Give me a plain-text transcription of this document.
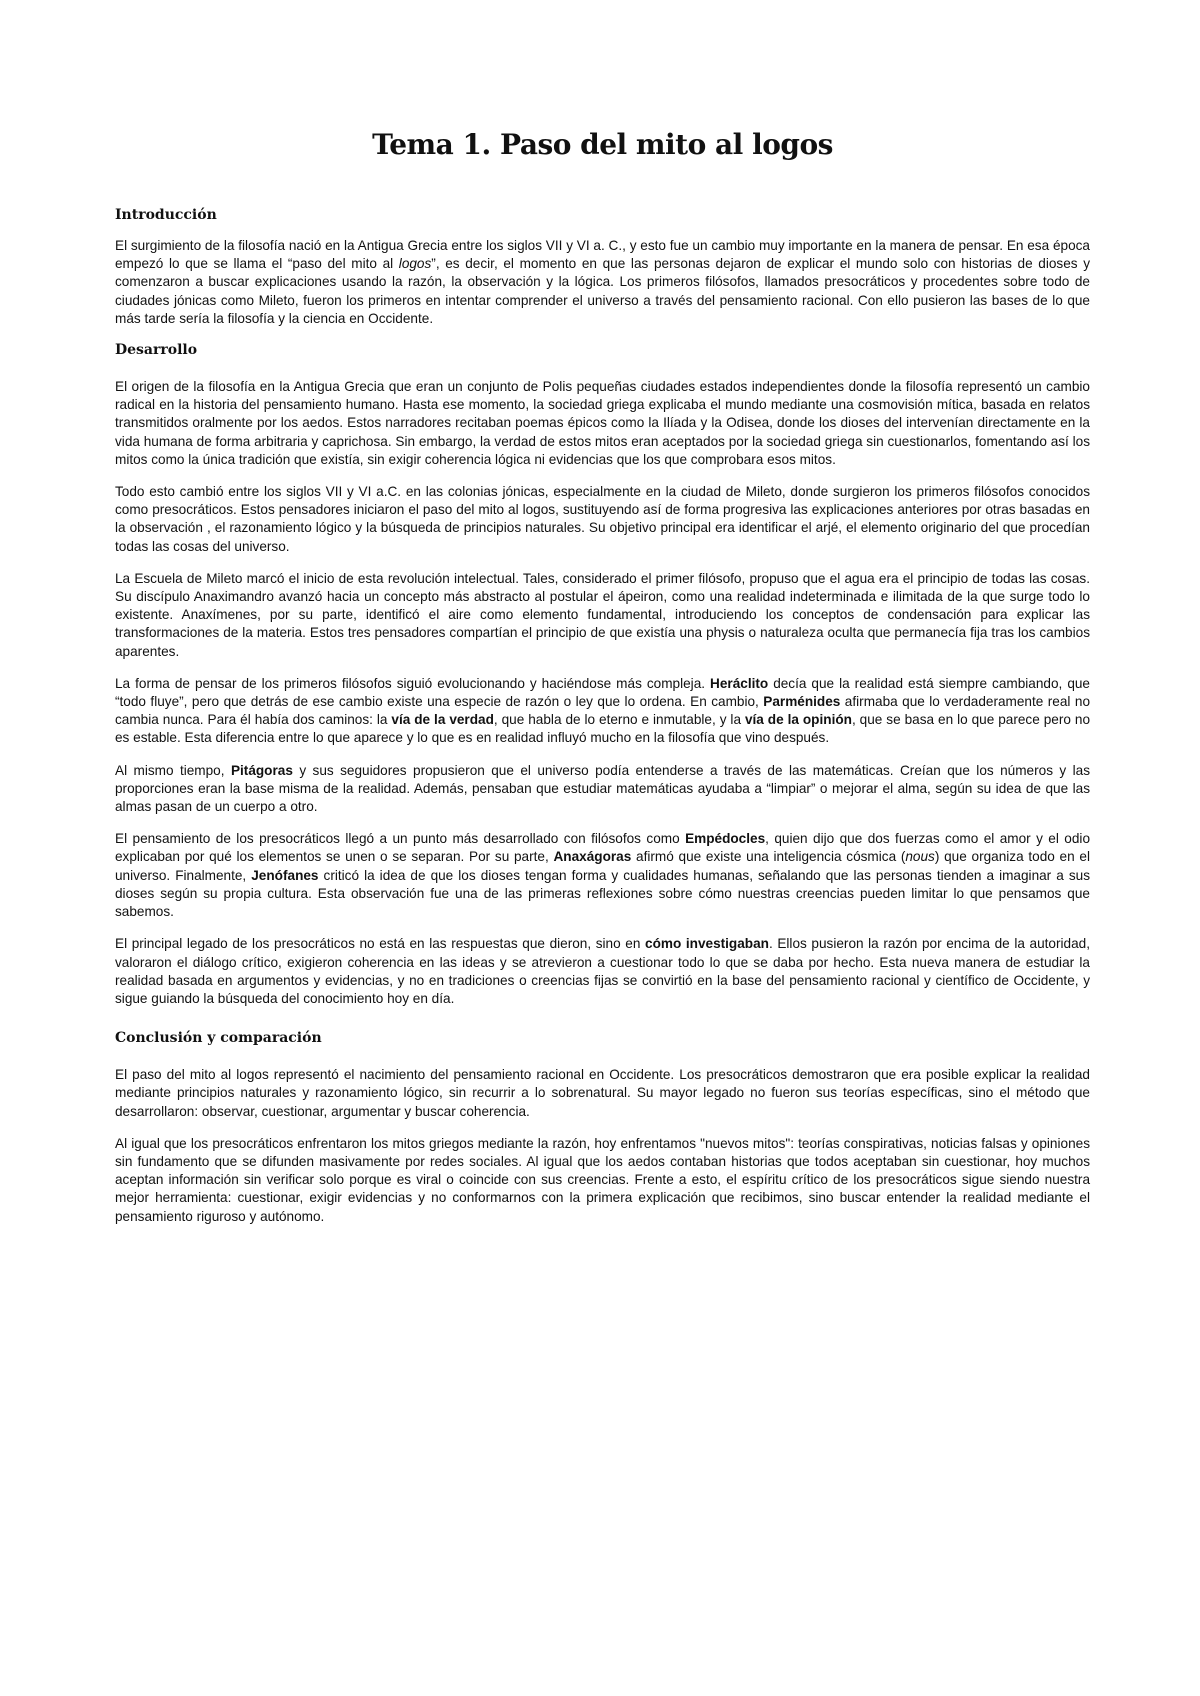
Tema 1. Paso del mito al logos
Introducción

El surgimiento de la filosofía nació en la Antigua Grecia entre los siglos VII y VI a. C., y esto fue un cambio muy importante en la manera de pensar. En esa época empezó lo que se llama el “paso del mito al logos”, es decir, el momento en que las personas dejaron de explicar el mundo solo con historias de dioses y comenzaron a buscar explicaciones usando la razón, la observación y la lógica. Los primeros filósofos, llamados presocráticos y procedentes sobre todo de ciudades jónicas como Mileto, fueron los primeros en intentar comprender el universo a través del pensamiento racional. Con ello pusieron las bases de lo que más tarde sería la filosofía y la ciencia en Occidente.

Desarrollo

El origen de la filosofía en la Antigua Grecia que eran un conjunto de Polis pequeñas ciudades estados independientes donde la filosofía representó un cambio radical en la historia del pensamiento humano. Hasta ese momento, la sociedad griega explicaba el mundo mediante una cosmovisión mítica, basada en relatos transmitidos oralmente por los aedos. Estos narradores recitaban poemas épicos como la Ilíada y la Odisea, donde los dioses del intervenían directamente en la vida humana de forma arbitraria y caprichosa. Sin embargo, la verdad de estos mitos eran aceptados por la sociedad griega sin cuestionarlos, fomentando así los mitos como la única tradición que existía, sin exigir coherencia lógica ni evidencias que los que comprobara esos mitos.

Todo esto cambió entre los siglos VII y VI a.C. en las colonias jónicas, especialmente en la ciudad de Mileto, donde surgieron los primeros filósofos conocidos como presocráticos. Estos pensadores iniciaron el paso del mito al logos, sustituyendo así de forma progresiva las explicaciones anteriores por otras basadas en la observación , el razonamiento lógico y la búsqueda de principios naturales. Su objetivo principal era identificar el arjé, el elemento originario del que procedían todas las cosas del universo.

La Escuela de Mileto marcó el inicio de esta revolución intelectual. Tales, considerado el primer filósofo, propuso que el agua era el principio de todas las cosas. Su discípulo Anaximandro avanzó hacia un concepto más abstracto al postular el ápeiron, como una realidad indeterminada e ilimitada de la que surge todo lo existente. Anaxímenes, por su parte, identificó el aire como elemento fundamental, introduciendo los conceptos de condensación para explicar las transformaciones de la materia. Estos tres pensadores compartían el principio de que existía una physis o naturaleza oculta que permanecía fija tras los cambios aparentes.

La forma de pensar de los primeros filósofos siguió evolucionando y haciéndose más compleja. Heráclito decía que la realidad está siempre cambiando, que “todo fluye”, pero que detrás de ese cambio existe una especie de razón o ley que lo ordena. En cambio, Parménides afirmaba que lo verdaderamente real no cambia nunca. Para él había dos caminos: la vía de la verdad, que habla de lo eterno e inmutable, y la vía de la opinión, que se basa en lo que parece pero no es estable. Esta diferencia entre lo que aparece y lo que es en realidad influyó mucho en la filosofía que vino después.

Al mismo tiempo, Pitágoras y sus seguidores propusieron que el universo podía entenderse a través de las matemáticas. Creían que los números y las proporciones eran la base misma de la realidad. Además, pensaban que estudiar matemáticas ayudaba a “limpiar” o mejorar el alma, según su idea de que las almas pasan de un cuerpo a otro.

El pensamiento de los presocráticos llegó a un punto más desarrollado con filósofos como Empédocles, quien dijo que dos fuerzas como el amor y el odio explicaban por qué los elementos se unen o se separan. Por su parte, Anaxágoras afirmó que existe una inteligencia cósmica (nous) que organiza todo en el universo. Finalmente, Jenófanes criticó la idea de que los dioses tengan forma y cualidades humanas, señalando que las personas tienden a imaginar a sus dioses según su propia cultura. Esta observación fue una de las primeras reflexiones sobre cómo nuestras creencias pueden limitar lo que pensamos que sabemos.

El principal legado de los presocráticos no está en las respuestas que dieron, sino en cómo investigaban. Ellos pusieron la razón por encima de la autoridad, valoraron el diálogo crítico, exigieron coherencia en las ideas y se atrevieron a cuestionar todo lo que se daba por hecho. Esta nueva manera de estudiar la realidad basada en argumentos y evidencias, y no en tradiciones o creencias fijas se convirtió en la base del pensamiento racional y científico de Occidente, y sigue guiando la búsqueda del conocimiento hoy en día.

Conclusión y comparación

El paso del mito al logos representó el nacimiento del pensamiento racional en Occidente. Los presocráticos demostraron que era posible explicar la realidad mediante principios naturales y razonamiento lógico, sin recurrir a lo sobrenatural. Su mayor legado no fueron sus teorías específicas, sino el método que desarrollaron: observar, cuestionar, argumentar y buscar coherencia.

Al igual que los presocráticos enfrentaron los mitos griegos mediante la razón, hoy enfrentamos "nuevos mitos": teorías conspirativas, noticias falsas y opiniones sin fundamento que se difunden masivamente por redes sociales. Al igual que los aedos contaban historias que todos aceptaban sin cuestionar, hoy muchos aceptan información sin verificar solo porque es viral o coincide con sus creencias. Frente a esto, el espíritu crítico de los presocráticos sigue siendo nuestra mejor herramienta: cuestionar, exigir evidencias y no conformarnos con la primera explicación que recibimos, sino buscar entender la realidad mediante el pensamiento riguroso y autónomo.
